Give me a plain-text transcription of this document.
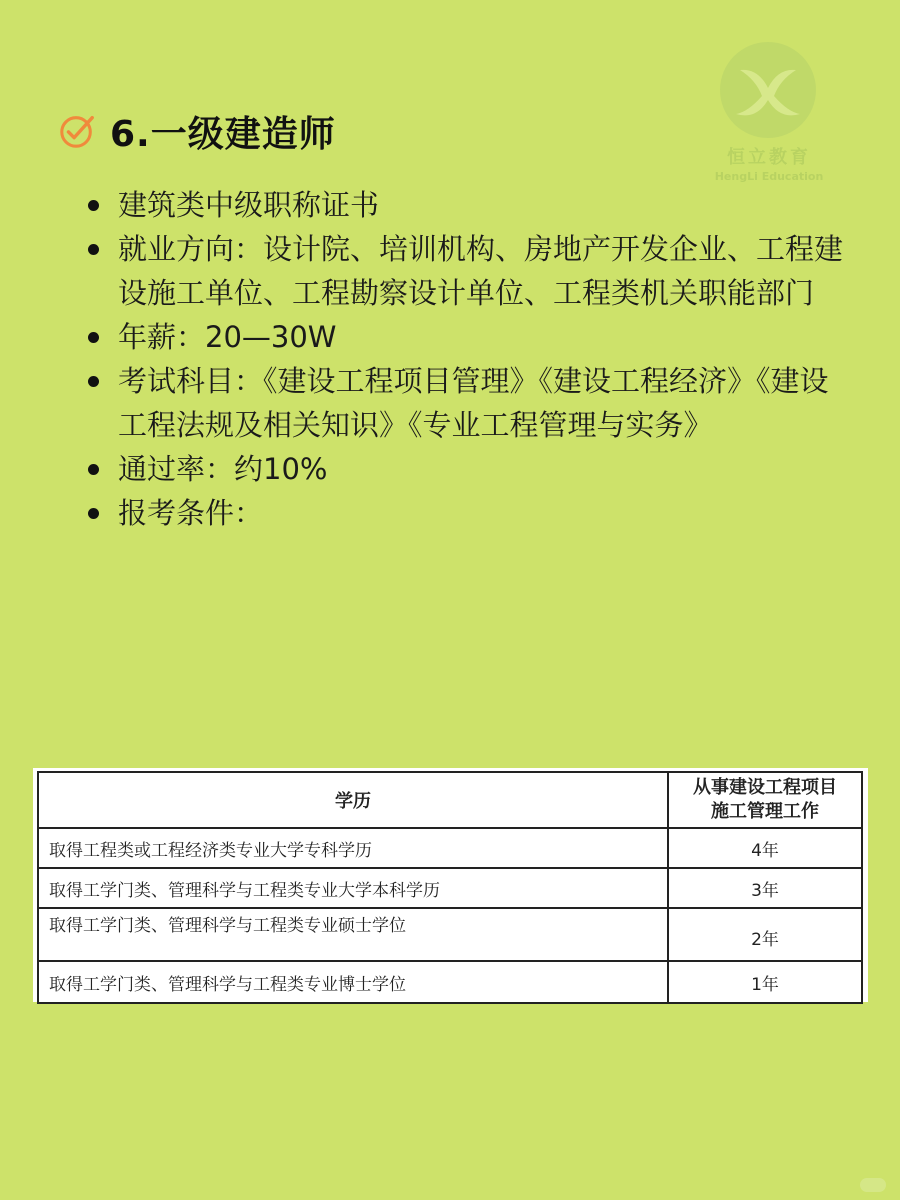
恒立教育
HengLi Education
6.一级建造师
建筑类中级职称证书
就业方向：设计院、培训机构、房地产开发企业、工程建设施工单位、工程勘察设计单位、工程类机关职能部门
年薪：20—30W
考试科目：《建设工程项目管理》《建设工程经济》《建设工程法规及相关知识》《专业工程管理与实务》
通过率：约10%
报考条件：
学历	从事建设工程项目
施工管理工作

取得工程类或工程经济类专业大学专科学历	4年
取得工学门类、管理科学与工程类专业大学本科学历	3年
取得工学门类、管理科学与工程类专业硕士学位	2年
取得工学门类、管理科学与工程类专业博士学位	1年
